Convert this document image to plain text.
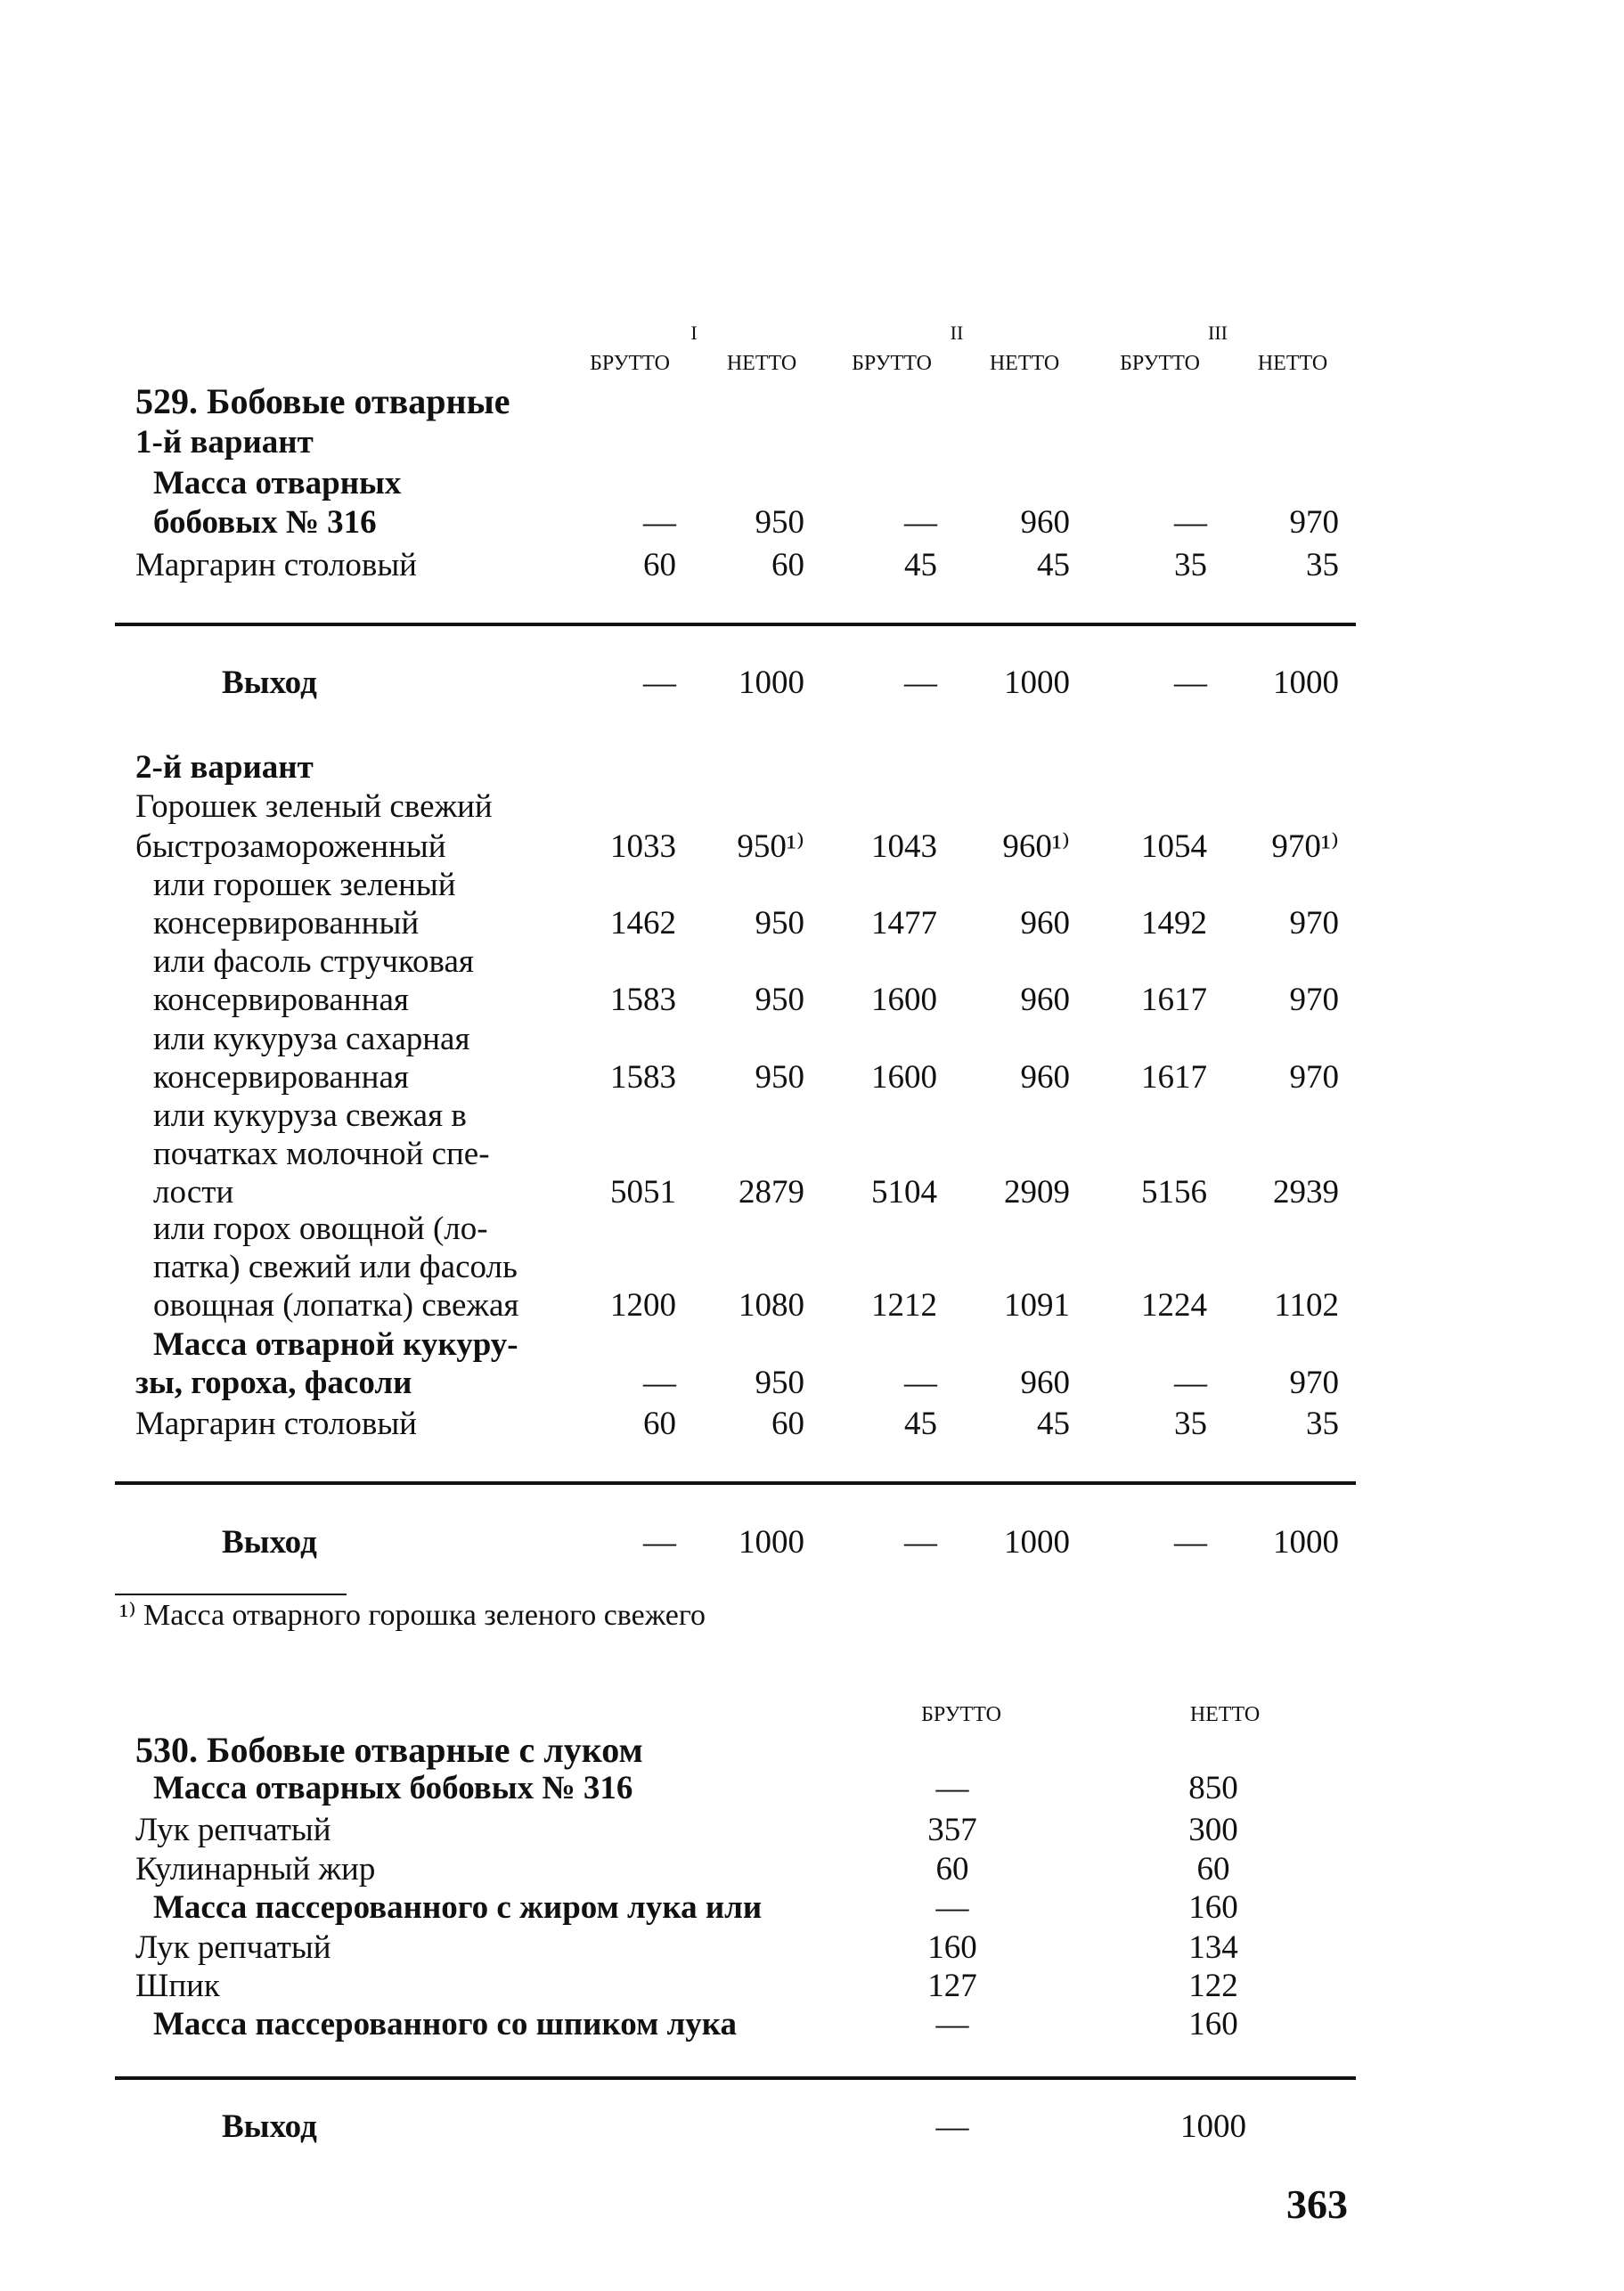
I	II	III
БРУТТО	НЕТТО	БРУТТО	НЕТТО	БРУТТО	НЕТТО
529. Бобовые отварные
1-й вариант
Масса отварных
бобовых № 316	—	950	—	960	—	970
Маргарин столовый	60	60	45	45	35	35
Выход	—	1000	—	1000	—	1000
2-й вариант
Горошек зеленый свежий
быстрозамороженный	1033	950¹⁾	1043	960¹⁾	1054	970¹⁾
или горошек зеленый
консервированный	1462	950	1477	960	1492	970
или фасоль стручковая
консервированная	1583	950	1600	960	1617	970
или кукуруза сахарная
консервированная	1583	950	1600	960	1617	970
или кукуруза свежая в
початках молочной спе-
лости	5051	2879	5104	2909	5156	2939
или горох овощной (ло-
патка) свежий или фасоль
овощная (лопатка) свежая	1200	1080	1212	1091	1224	1102
Масса отварной кукуру-
зы, гороха, фасоли	—	950	—	960	—	970
Маргарин столовый	60	60	45	45	35	35
Выход	—	1000	—	1000	—	1000
¹⁾ Масса отварного горошка зеленого свежего
БРУТТО	НЕТТО
530. Бобовые отварные с луком
Масса отварных бобовых № 316	—	850
Лук репчатый	357	300
Кулинарный жир	60	60
Масса пассерованного с жиром лука или	—	160
Лук репчатый	160	134
Шпик	127	122
Масса пассерованного со шпиком лука	—	160
Выход	—	1000
363
